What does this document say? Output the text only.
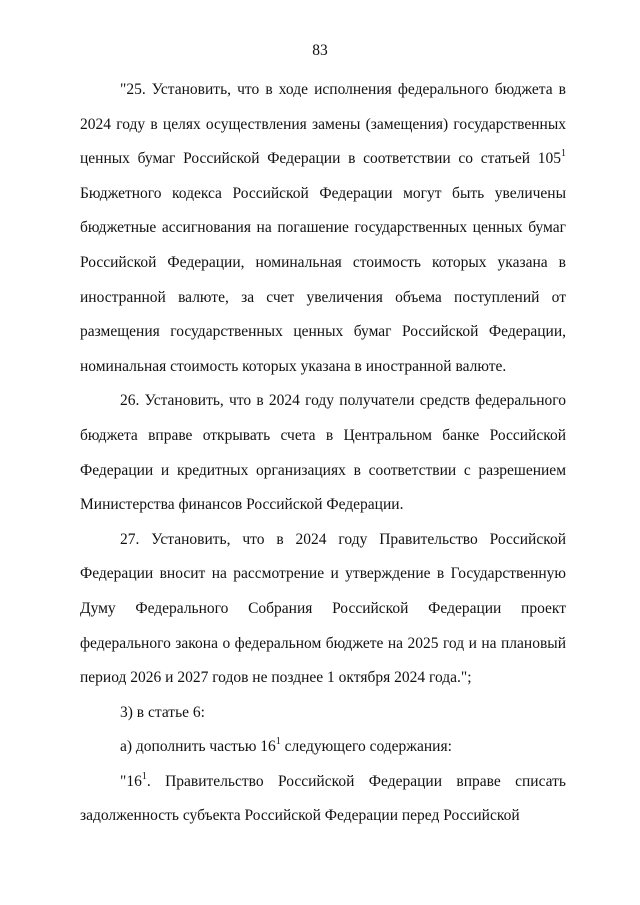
83

"25. Установить, что в ходе исполнения федерального бюджета в 2024 году в целях осуществления замены (замещения) государственных ценных бумаг Российской Федерации в соответствии со статьей $105^1$ Бюджетного кодекса Российской Федерации могут быть увеличены бюджетные ассигнования на погашение государственных ценных бумаг Российской Федерации, номинальная стоимость которых указана в иностранной валюте, за счет увеличения объема поступлений от размещения государственных ценных бумаг Российской Федерации, номинальная стоимость которых указана в иностранной валюте.

26. Установить, что в 2024 году получатели средств федерального бюджета вправе открывать счета в Центральном банке Российской Федерации и кредитных организациях в соответствии с разрешением Министерства финансов Российской Федерации.

27. Установить, что в 2024 году Правительство Российской Федерации вносит на рассмотрение и утверждение в Государственную Думу Федерального Собрания Российской Федерации проект федерального закона о федеральном бюджете на 2025 год и на плановый период 2026 и 2027 годов не позднее 1 октября 2024 года.";

3) в статье 6:

а) дополнить частью $16^1$ следующего содержания:

"$16^1$. Правительство Российской Федерации вправе списать задолженность субъекта Российской Федерации перед Российской
